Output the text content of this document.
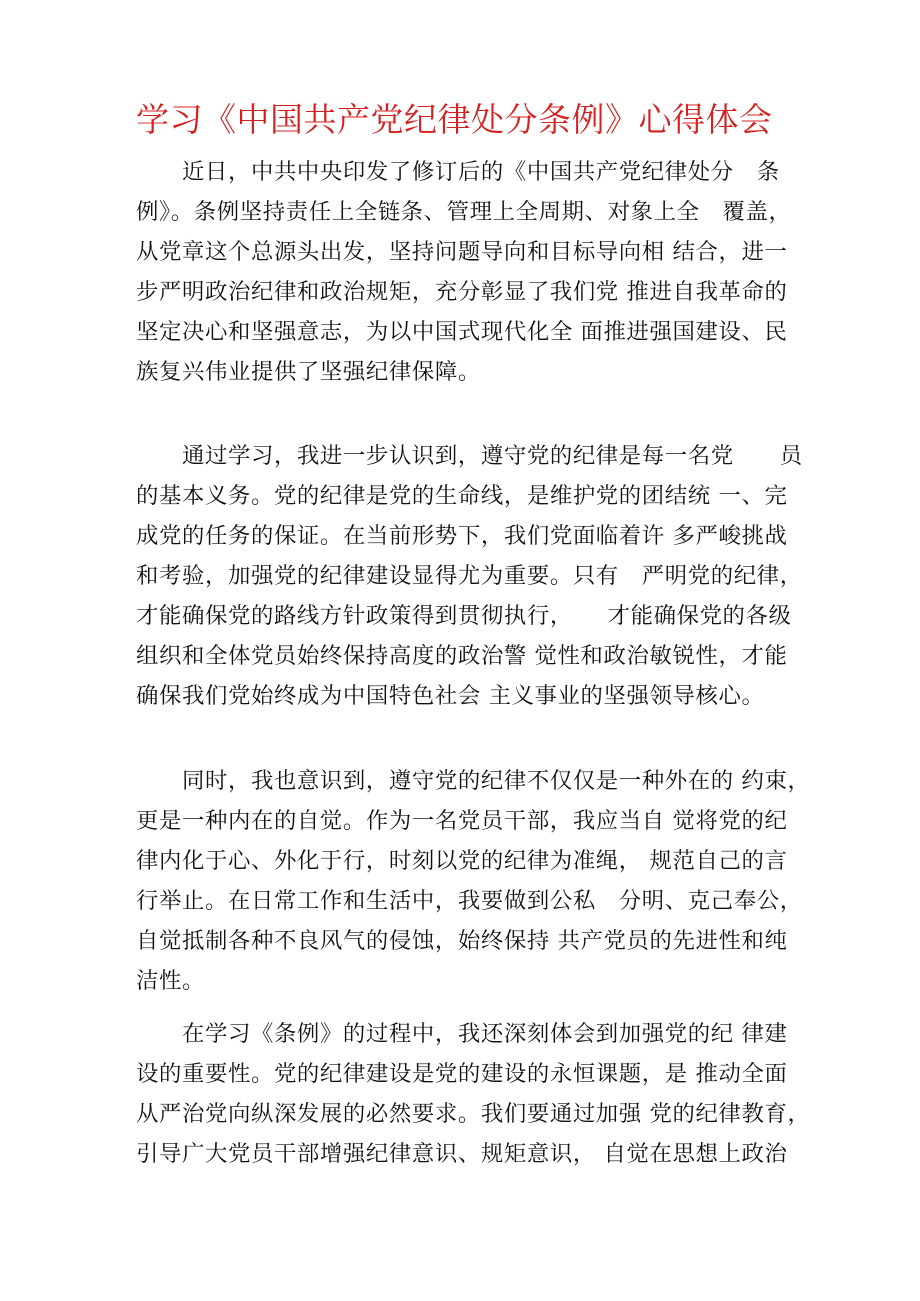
学习《中国共产党纪律处分条例》心得体会
　　近日，中共中央印发了修订后的《中国共产党纪律处分　条
例》。条例坚持责任上全链条、管理上全周期、对象上全　覆盖，
从党章这个总源头出发，坚持问题导向和目标导向相 结合，进一
步严明政治纪律和政治规矩，充分彰显了我们党 推进自我革命的
坚定决心和坚强意志，为以中国式现代化全 面推进强国建设、民
族复兴伟业提供了坚强纪律保障。
　　通过学习，我进一步认识到，遵守党的纪律是每一名党　　员
的基本义务。党的纪律是党的生命线，是维护党的团结统 一、完
成党的任务的保证。在当前形势下，我们党面临着许 多严峻挑战
和考验，加强党的纪律建设显得尤为重要。只有　严明党的纪律，
才能确保党的路线方针政策得到贯彻执行，　　才能确保党的各级
组织和全体党员始终保持高度的政治警 觉性和政治敏锐性，才能
确保我们党始终成为中国特色社会 主义事业的坚强领导核心。
　　同时，我也意识到，遵守党的纪律不仅仅是一种外在的 约束，
更是一种内在的自觉。作为一名党员干部，我应当自 觉将党的纪
律内化于心、外化于行，时刻以党的纪律为准绳， 规范自己的言
行举止。在日常工作和生活中，我要做到公私　分明、克己奉公，
自觉抵制各种不良风气的侵蚀，始终保持 共产党员的先进性和纯
洁性。
　　在学习《条例》的过程中，我还深刻体会到加强党的纪 律建
设的重要性。党的纪律建设是党的建设的永恒课题，是 推动全面
从严治党向纵深发展的必然要求。我们要通过加强 党的纪律教育，
引导广大党员干部增强纪律意识、规矩意识， 自觉在思想上政治
